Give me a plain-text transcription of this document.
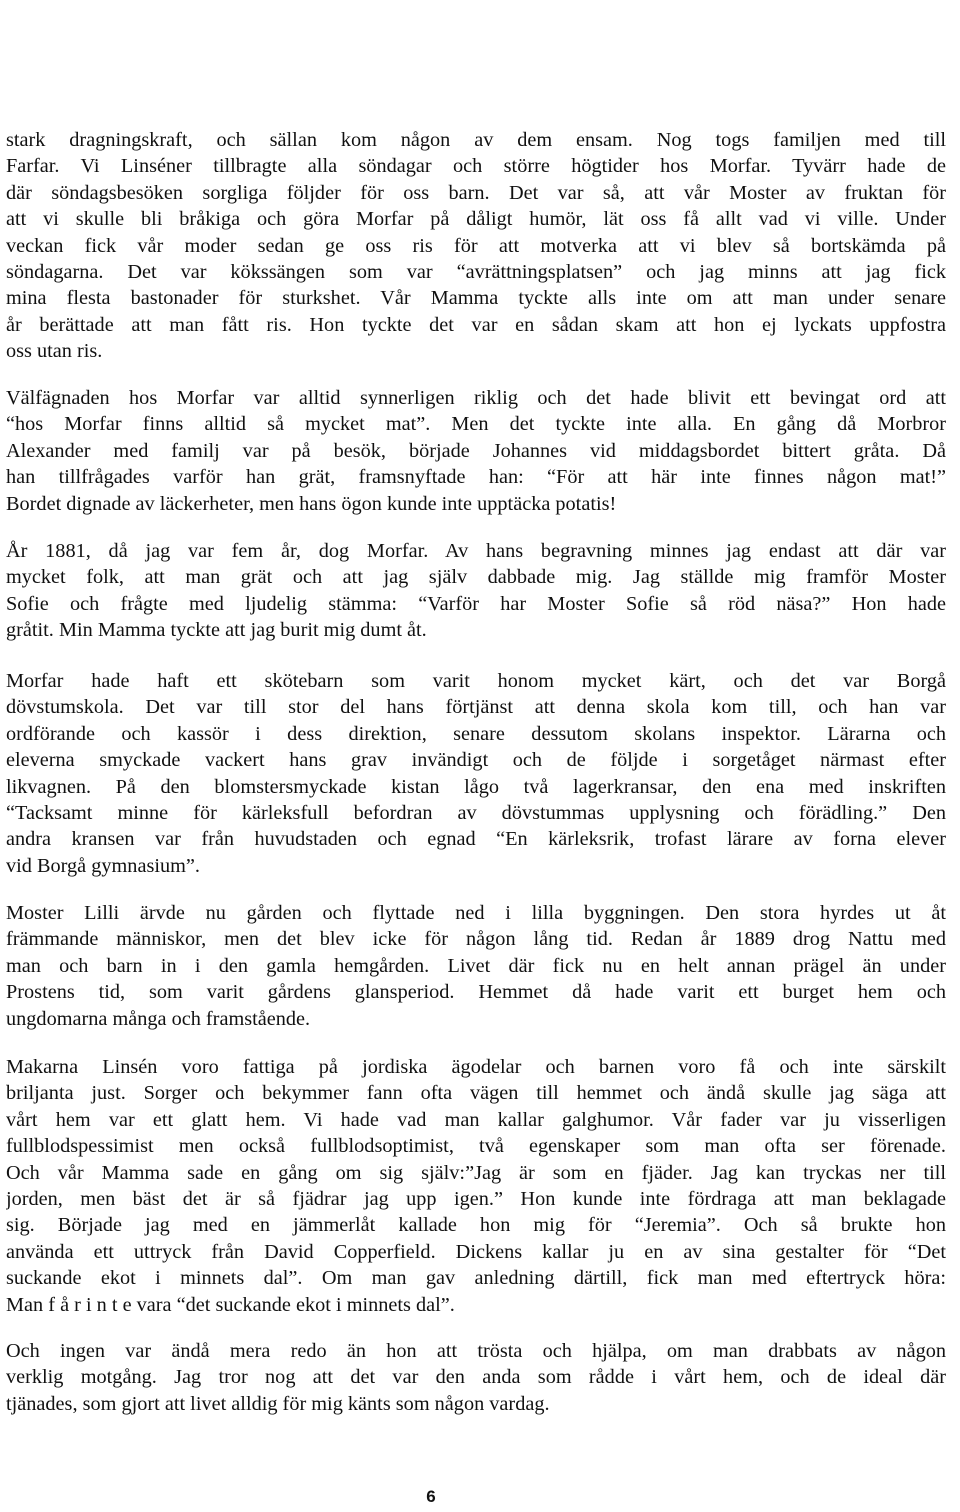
stark dragningskraft, och sällan kom någon av dem ensam. Nog togs familjen med till
Farfar. Vi Linséner tillbragte alla söndagar och större högtider hos Morfar. Tyvärr hade de
där söndagsbesöken sorgliga följder för oss barn. Det var så, att vår Moster av fruktan för
att vi skulle bli bråkiga och göra Morfar på dåligt humör, lät oss få allt vad vi ville. Under
veckan fick vår moder sedan ge oss ris för att motverka att vi blev så bortskämda på
söndagarna. Det var kökssängen som var “avrättningsplatsen” och jag minns att jag fick
mina flesta bastonader för sturkshet. Vår Mamma tyckte alls inte om att man under senare
år berättade att man fått ris. Hon tyckte det var en sådan skam att hon ej lyckats uppfostra
oss utan ris.
Välfägnaden hos Morfar var alltid synnerligen riklig och det hade blivit ett bevingat ord att
“hos Morfar finns alltid så mycket mat”. Men det tyckte inte alla. En gång då Morbror
Alexander med familj var på besök, började Johannes vid middagsbordet bittert gråta. Då
han tillfrågades varför han grät, framsnyftade han: “För att här inte finnes någon mat!”
Bordet dignade av läckerheter, men hans ögon kunde inte upptäcka potatis!
År 1881, då jag var fem år, dog Morfar. Av hans begravning minnes jag endast att där var
mycket folk, att man grät och att jag själv dabbade mig. Jag ställde mig framför Moster
Sofie och frågte med ljudelig stämma: “Varför har Moster Sofie så röd näsa?” Hon hade
gråtit. Min Mamma tyckte att jag burit mig dumt åt.
Morfar hade haft ett skötebarn som varit honom mycket kärt, och det var Borgå
dövstumskola. Det var till stor del hans förtjänst att denna skola kom till, och han var
ordförande och kassör i dess direktion, senare dessutom skolans inspektor. Lärarna och
eleverna smyckade vackert hans grav invändigt och de följde i sorgetåget närmast efter
likvagnen. På den blomstersmyckade kistan lågo två lagerkransar, den ena med inskriften
“Tacksamt minne för kärleksfull befordran av dövstummas upplysning och förädling.” Den
andra kransen var från huvudstaden och egnad “En kärleksrik, trofast lärare av forna elever
vid Borgå gymnasium”.
Moster Lilli ärvde nu gården och flyttade ned i lilla byggningen. Den stora hyrdes ut åt
främmande människor, men det blev icke för någon lång tid. Redan år 1889 drog Nattu med
man och barn in i den gamla hemgården. Livet där fick nu en helt annan prägel än under
Prostens tid, som varit gårdens glansperiod. Hemmet då hade varit ett burget hem och
ungdomarna många och framstående.
Makarna Linsén voro fattiga på jordiska ägodelar och barnen voro få och inte särskilt
briljanta just. Sorger och bekymmer fann ofta vägen till hemmet och ändå skulle jag säga att
vårt hem var ett glatt hem. Vi hade vad man kallar galghumor. Vår fader var ju visserligen
fullblodspessimist men också fullblodsoptimist, två egenskaper som man ofta ser förenade.
Och vår Mamma sade en gång om sig själv:”Jag är som en fjäder. Jag kan tryckas ner till
jorden, men bäst det är så fjädrar jag upp igen.” Hon kunde inte fördraga att man beklagade
sig. Började jag med en jämmerlåt kallade hon mig för “Jeremia”. Och så brukte hon
använda ett uttryck från David Copperfield. Dickens kallar ju en av sina gestalter för “Det
suckande ekot i minnets dal”. Om man gav anledning därtill, fick man med eftertryck höra:
Man f å r i n t e vara “det suckande ekot i minnets dal”.
Och ingen var ändå mera redo än hon att trösta och hjälpa, om man drabbats av någon
verklig motgång. Jag tror nog att det var den anda som rådde i vårt hem, och de ideal där
tjänades, som gjort att livet alldig för mig känts som någon vardag.
6
